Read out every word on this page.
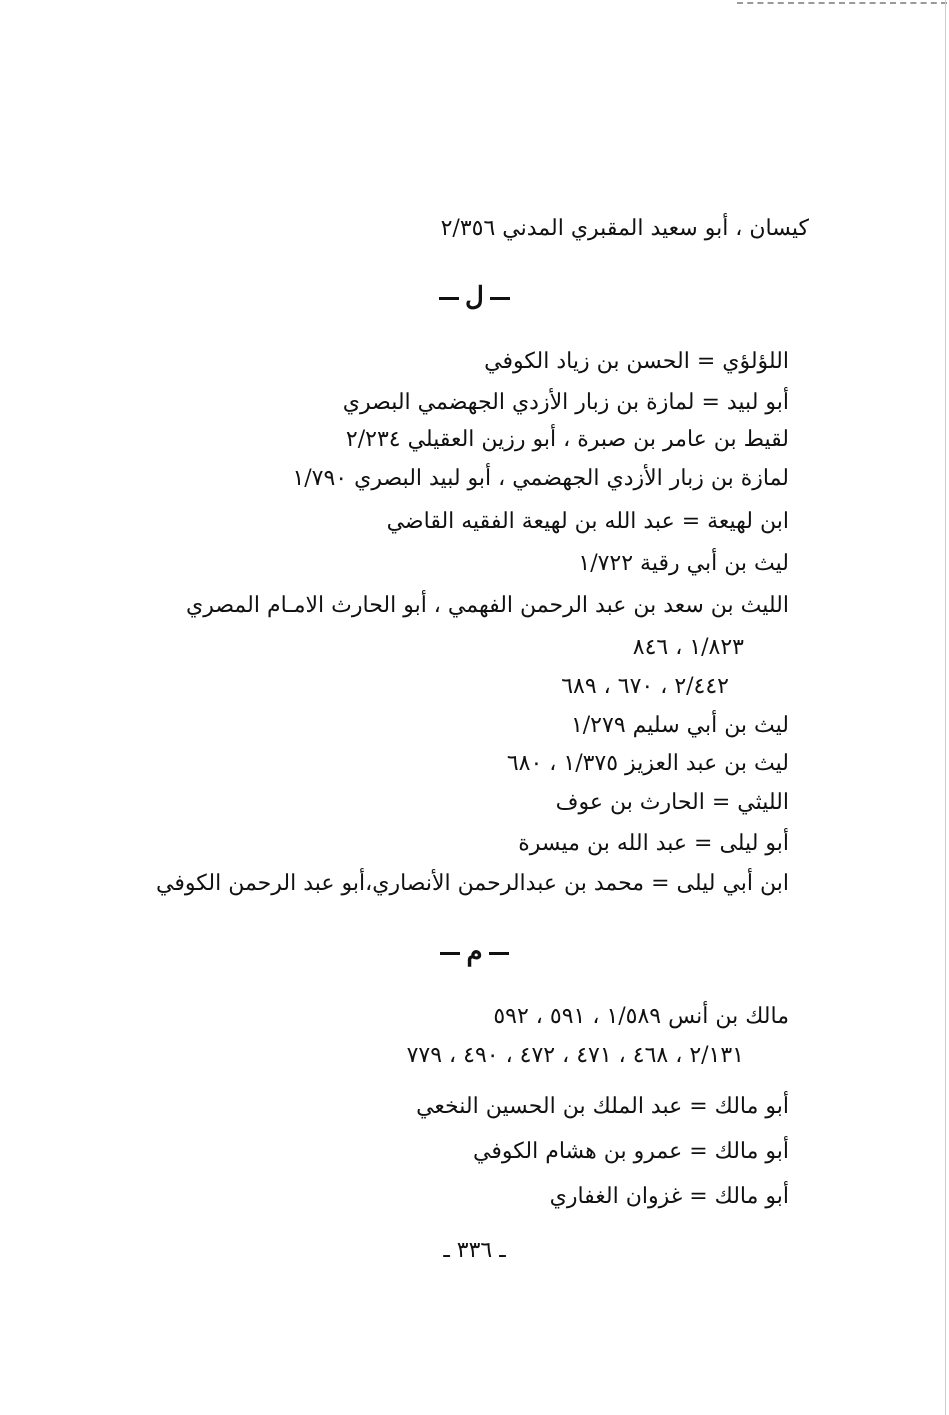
كيسان ، أبو سعيد المقبري المدني ٢/٣٥٦
ل
اللؤلؤي = الحسن بن زياد الكوفي
أبو لبيد = لمازة بن زبار الأزدي الجهضمي البصري
لقيط بن عامر بن صبرة ، أبو رزين العقيلي ٢/٢٣٤
لمازة بن زبار الأزدي الجهضمي ، أبو لبيد البصري ١/٧٩٠
ابن لهيعة = عبد الله بن لهيعة الفقيه القاضي
ليث بن أبي رقية ١/٧٢٢
الليث بن سعد بن عبد الرحمن الفهمي ، أبو الحارث الامـام المصري
١/٨٢٣ ، ٨٤٦
٢/٤٤٢ ، ٦٧٠ ، ٦٨٩
ليث بن أبي سليم ١/٢٧٩
ليث بن عبد العزيز ١/٣٧٥ ، ٦٨٠
الليثي = الحارث بن عوف
أبو ليلى = عبد الله بن ميسرة
ابن أبي ليلى = محمد بن عبدالرحمن الأنصاري،أبو عبد الرحمن الكوفي
م
مالك بن أنس ١/٥٨٩ ، ٥٩١ ، ٥٩٢
٢/١٣١ ، ٤٦٨ ، ٤٧١ ، ٤٧٢ ، ٤٩٠ ، ٧٧٩
أبو مالك = عبد الملك بن الحسين النخعي
أبو مالك = عمرو بن هشام الكوفي
أبو مالك = غزوان الغفاري
ـ ٣٣٦ ـ
